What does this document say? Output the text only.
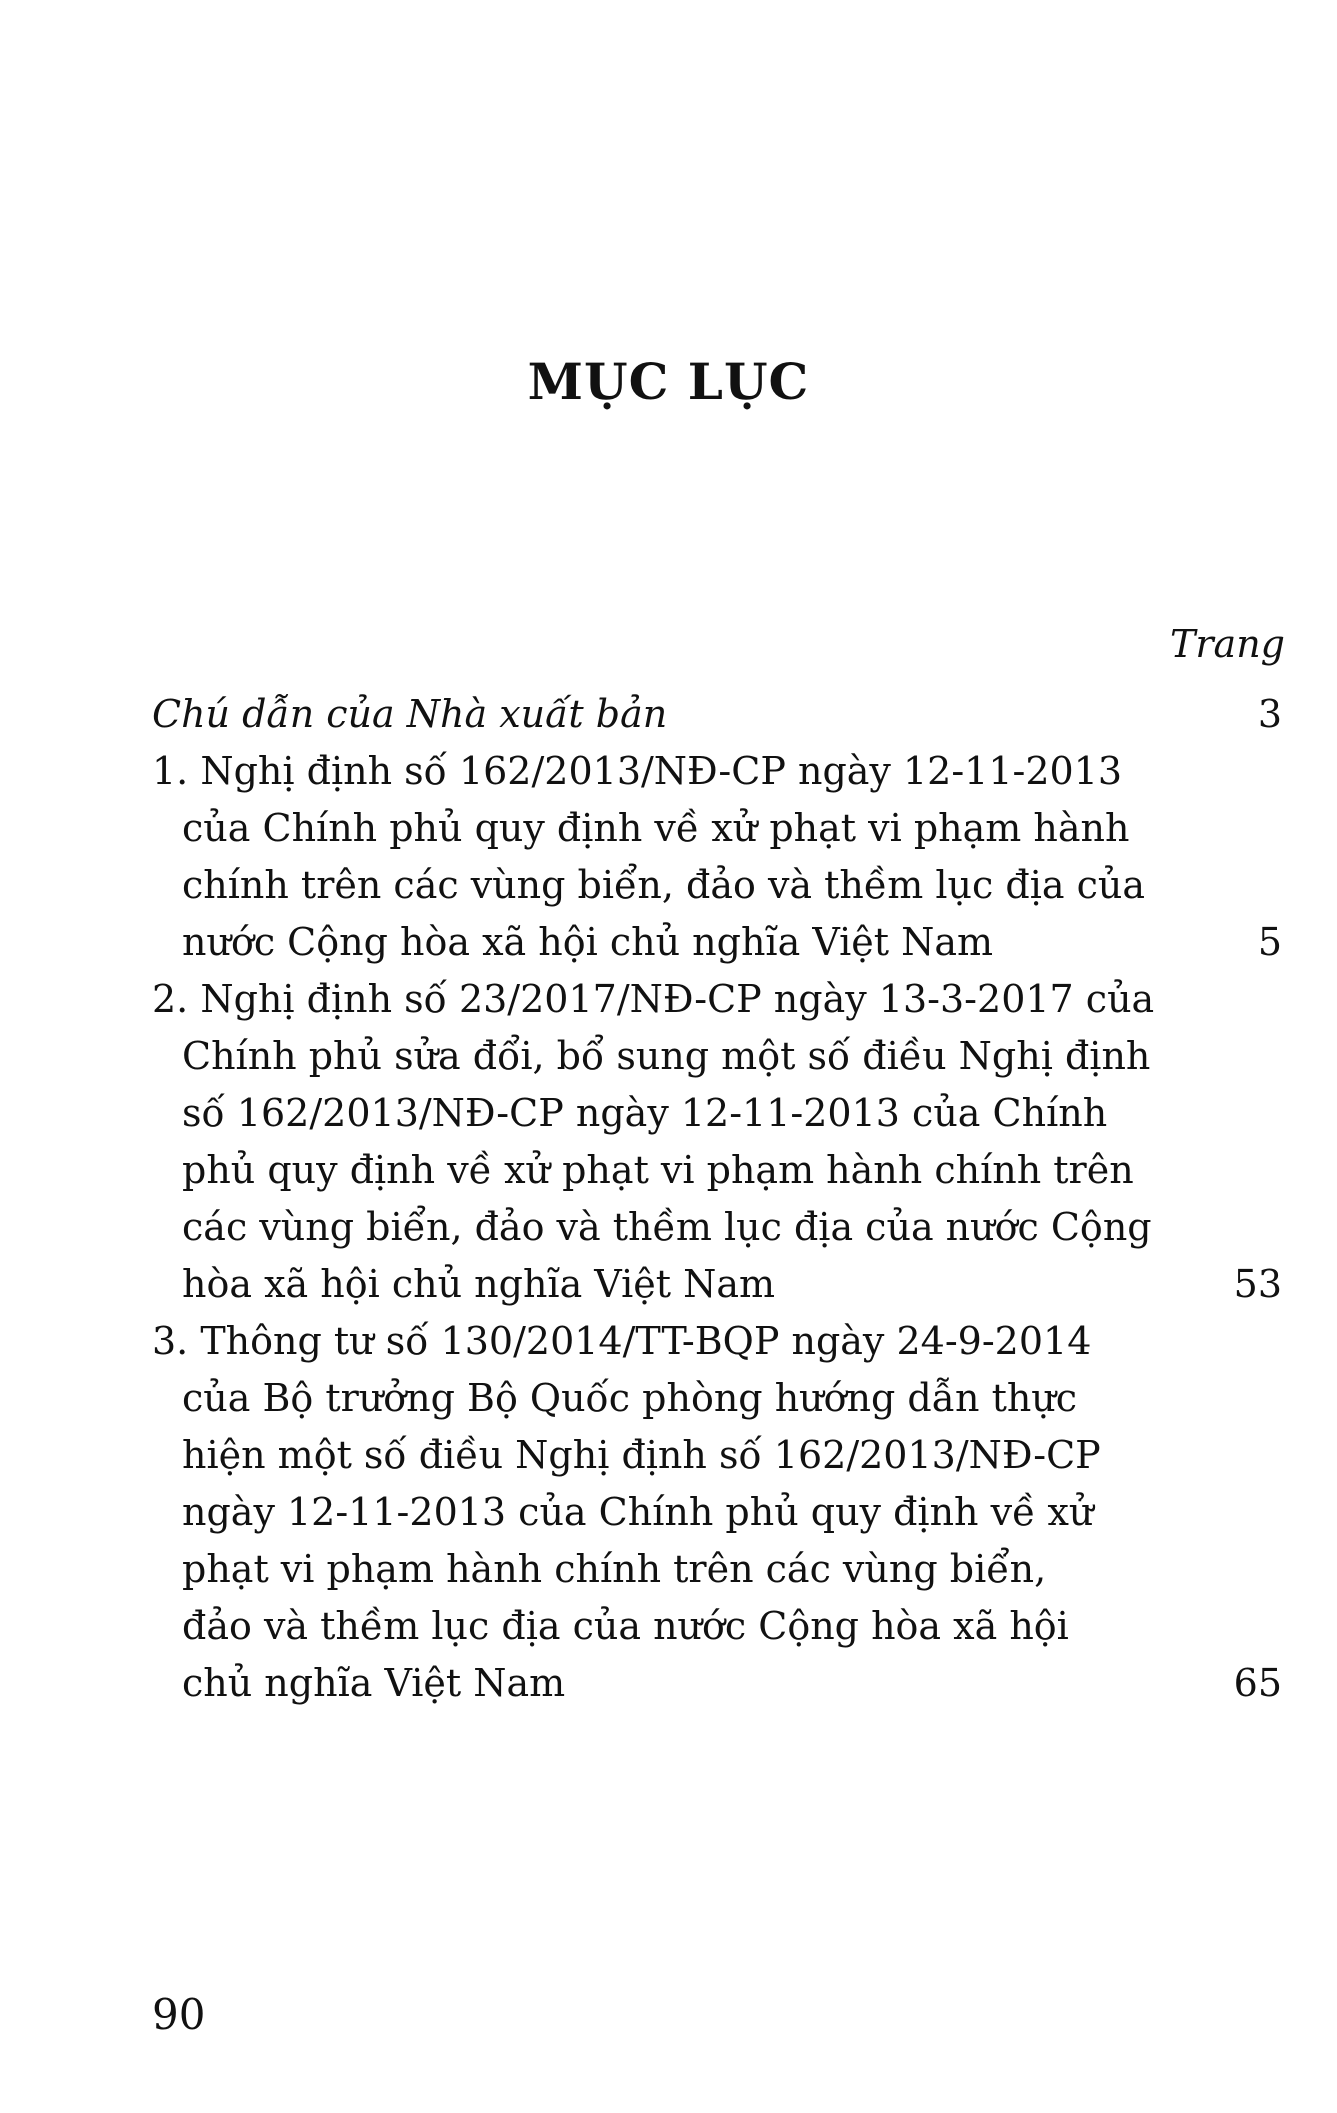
MỤC LỤC
Trang
Chú dẫn của Nhà xuất bản	3
1. Nghị định số 162/2013/NĐ-CP ngày 12-11-2013
của Chính phủ quy định về xử phạt vi phạm hành
chính trên các vùng biển, đảo và thềm lục địa của
nước Cộng hòa xã hội chủ nghĩa Việt Nam	5
2. Nghị định số 23/2017/NĐ-CP ngày 13-3-2017 của
Chính phủ sửa đổi, bổ sung một số điều Nghị định
số 162/2013/NĐ-CP ngày 12-11-2013 của Chính
phủ quy định về xử phạt vi phạm hành chính trên
các vùng biển, đảo và thềm lục địa của nước Cộng
hòa xã hội chủ nghĩa Việt Nam	53
3. Thông tư số 130/2014/TT-BQP ngày 24-9-2014
của Bộ trưởng Bộ Quốc phòng hướng dẫn thực
hiện một số điều Nghị định số 162/2013/NĐ-CP
ngày 12-11-2013 của Chính phủ quy định về xử
phạt vi phạm hành chính trên các vùng biển,
đảo và thềm lục địa của nước Cộng hòa xã hội
chủ nghĩa Việt Nam	65
90
